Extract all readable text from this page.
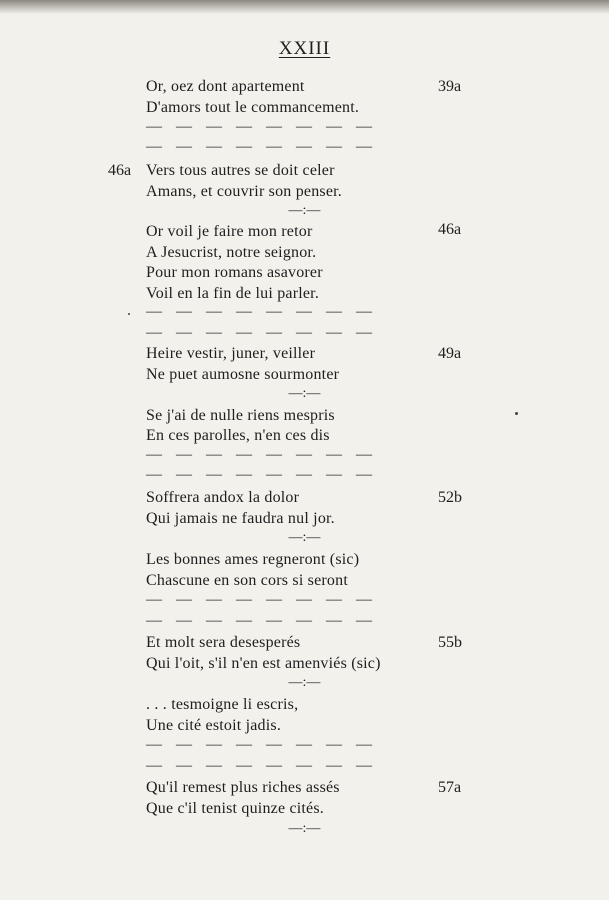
XXIII
Or, oez dont apartement	39a
D'amors tout le commancement.
— — — — — — — —
— — — — — — — —
46a Vers tous autres se doit celer
Amans, et couvrir son penser.
—:—
Or voil je faire mon retor	46a
A Jesucrist, notre seignor.
Pour mon romans asavorer
Voil en la fin de lui parler.
— — — — — — — —
— — — — — — — —
Heire vestir, juner, veiller	49a
Ne puet aumosne sourmonter
—:—
Se j'ai de nulle riens mespris
En ces parolles, n'en ces dis
— — — — — — — —
— — — — — — — —
Soffrera andox la dolor	52b
Qui jamais ne faudra nul jor.
—:—
Les bonnes ames regneront (sic)
Chascune en son cors si seront
— — — — — — — —
— — — — — — — —
Et molt sera desesperés	55b
Qui l'oit, s'il n'en est amenviés (sic)
—:—
. . . tesmoigne li escris,
Une cité estoit jadis.
— — — — — — — —
— — — — — — — —
Qu'il remest plus riches assés	57a
Que c'il tenist quinze cités.
—:—
